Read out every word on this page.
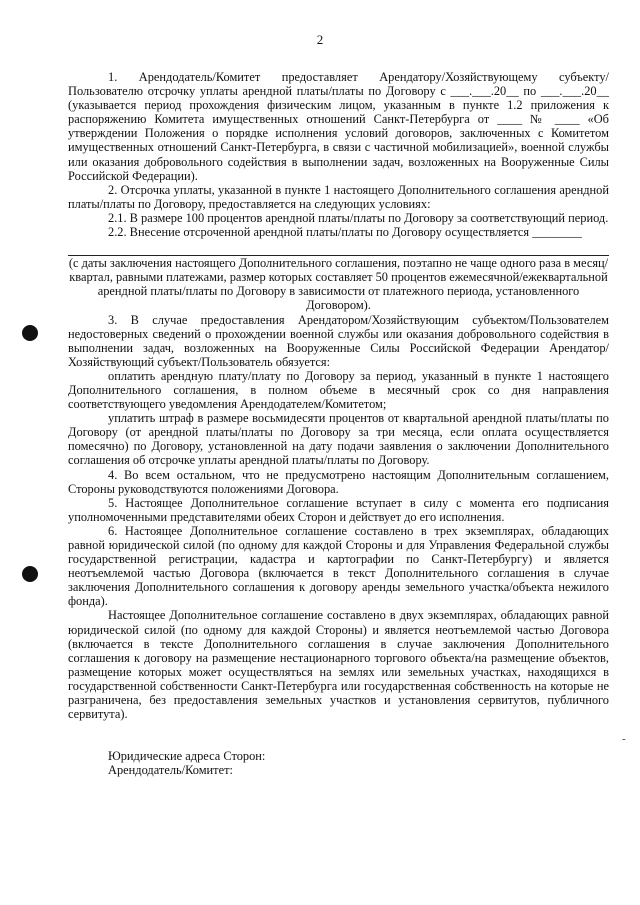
2
-

1. Арендодатель/Комитет предоставляет Арендатору/Хозяйствующему субъекту/Пользователю отсрочку уплаты арендной платы/платы по Договору с ___.___.20__ по ___.___.20__ (указывается период прохождения физическим лицом, указанным в пункте 1.2 приложения к распоряжению Комитета имущественных отношений Санкт-Петербурга от ____ № ____ «Об утверждении Положения о порядке исполнения условий договоров, заключенных с Комитетом имущественных отношений Санкт-Петербурга, в связи с частичной мобилизацией», военной службы или оказания добровольного содействия в выполнении задач, возложенных на Вооруженные Силы Российской Федерации).

2. Отсрочка уплаты, указанной в пункте 1 настоящего Дополнительного соглашения арендной платы/платы по Договору, предоставляется на следующих условиях:

2.1. В размере 100 процентов арендной платы/платы по Договору за соответствующий период.

2.2. Внесение отсроченной арендной платы/платы по Договору осуществляется ________

(с даты заключения настоящего Дополнительного соглашения, поэтапно не чаще одного раза в месяц/квартал, равными платежами, размер которых составляет 50 процентов ежемесячной/ежеквартальной арендной платы/платы по Договору в зависимости от платежного периода, установленного Договором).

3. В случае предоставления Арендатором/Хозяйствующим субъектом/Пользователем недостоверных сведений о прохождении военной службы или оказания добровольного содействия в выполнении задач, возложенных на Вооруженные Силы Российской Федерации Арендатор/Хозяйствующий субъект/Пользователь обязуется:

оплатить арендную плату/плату по Договору за период, указанный в пункте 1 настоящего Дополнительного соглашения, в полном объеме в месячный срок со дня направления соответствующего уведомления Арендодателем/Комитетом;

уплатить штраф в размере восьмидесяти процентов от квартальной арендной платы/платы по Договору (от арендной платы/платы по Договору за три месяца, если оплата осуществляется помесячно) по Договору, установленной на дату подачи заявления о заключении Дополнительного соглашения об отсрочке уплаты арендной платы/платы по Договору.

4. Во всем остальном, что не предусмотрено настоящим Дополнительным соглашением, Стороны руководствуются положениями Договора.

5. Настоящее Дополнительное соглашение вступает в силу с момента его подписания уполномоченными представителями обеих Сторон и действует до его исполнения.

6. Настоящее Дополнительное соглашение составлено в трех экземплярах, обладающих равной юридической силой (по одному для каждой Стороны и для Управления Федеральной службы государственной регистрации, кадастра и картографии по Санкт-Петербургу) и является неотъемлемой частью Договора (включается в текст Дополнительного соглашения в случае заключения Дополнительного соглашения к договору аренды земельного участка/объекта нежилого фонда).

Настоящее Дополнительное соглашение составлено в двух экземплярах, обладающих равной юридической силой (по одному для каждой Стороны) и является неотъемлемой частью Договора (включается в тексте Дополнительного соглашения в случае заключения Дополнительного соглашения к договору на размещение нестационарного торгового объекта/на размещение объектов, размещение которых может осуществляться на землях или земельных участках, находящихся в государственной собственности Санкт-Петербурга или государственная собственность на которые не разграничена, без предоставления земельных участков и установления сервитутов, публичного сервитута).

Юридические адреса Сторон:

Арендодатель/Комитет:
